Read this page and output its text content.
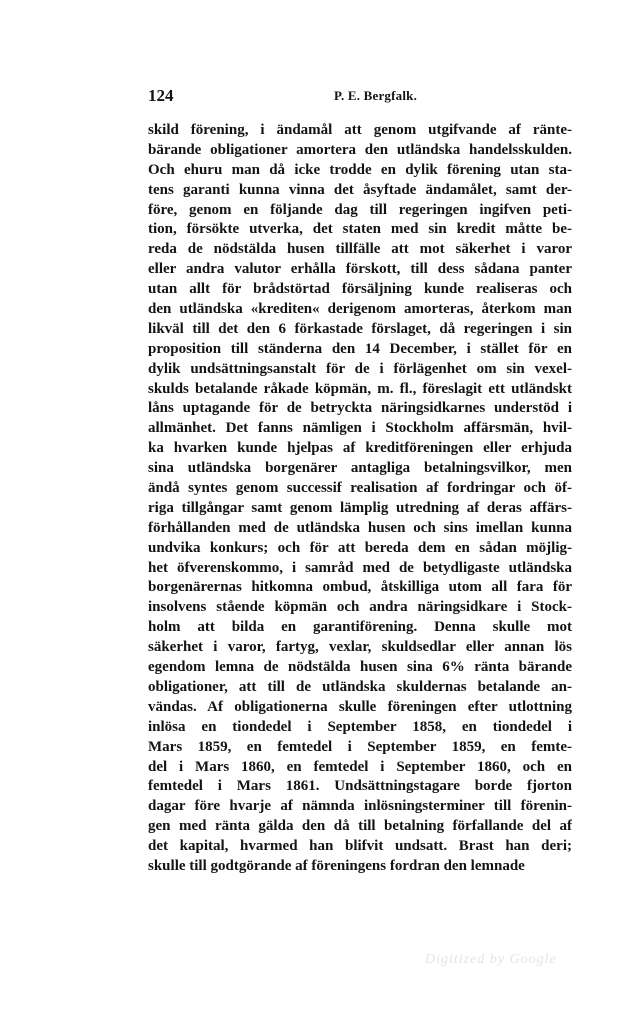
124	P. E. Bergfalk.
skild förening, i ändamål att genom utgifvande af ränte-
bärande obligationer amortera den utländska handelsskulden.
Och ehuru man då icke trodde en dylik förening utan sta-
tens garanti kunna vinna det åsyftade ändamålet, samt der-
före, genom en följande dag till regeringen ingifven peti-
tion, försökte utverka, det staten med sin kredit måtte be-
reda de nödstälda husen tillfälle att mot säkerhet i varor
eller andra valutor erhålla förskott, till dess sådana panter
utan allt för brådstörtad försäljning kunde realiseras och
den utländska «krediten« derigenom amorteras, återkom man
likväl till det den 6 förkastade förslaget, då regeringen i sin
proposition till ständerna den 14 December, i stället för en
dylik undsättningsanstalt för de i förlägenhet om sin vexel-
skulds betalande råkade köpmän, m. fl., föreslagit ett utländskt
låns uptagande för de betryckta näringsidkarnes understöd i
allmänhet. Det fanns nämligen i Stockholm affärsmän, hvil-
ka hvarken kunde hjelpas af kreditföreningen eller erhjuda
sina utländska borgenärer antagliga betalningsvilkor, men
ändå syntes genom successif realisation af fordringar och öf-
riga tillgångar samt genom lämplig utredning af deras affärs-
förhållanden med de utländska husen och sins imellan kunna
undvika konkurs; och för att bereda dem en sådan möjlig-
het öfverenskommo, i samråd med de betydligaste utländska
borgenärernas hitkomna ombud, åtskilliga utom all fara för
insolvens stående köpmän och andra näringsidkare i Stock-
holm att bilda en garantiförening. Denna skulle mot
säkerhet i varor, fartyg, vexlar, skuldsedlar eller annan lös
egendom lemna de nödstälda husen sina 6% ränta bärande
obligationer, att till de utländska skuldernas betalande an-
vändas. Af obligationerna skulle föreningen efter utlottning
inlösa en tiondedel i September 1858, en tiondedel i
Mars 1859, en femtedel i September 1859, en femte-
del i Mars 1860, en femtedel i September 1860, och en
femtedel i Mars 1861. Undsättningstagare borde fjorton
dagar före hvarje af nämnda inlösningsterminer till förenin-
gen med ränta gälda den då till betalning förfallande del af
det kapital, hvarmed han blifvit undsatt. Brast han deri;
skulle till godtgörande af föreningens fordran den lemnade
Digitized by Google
